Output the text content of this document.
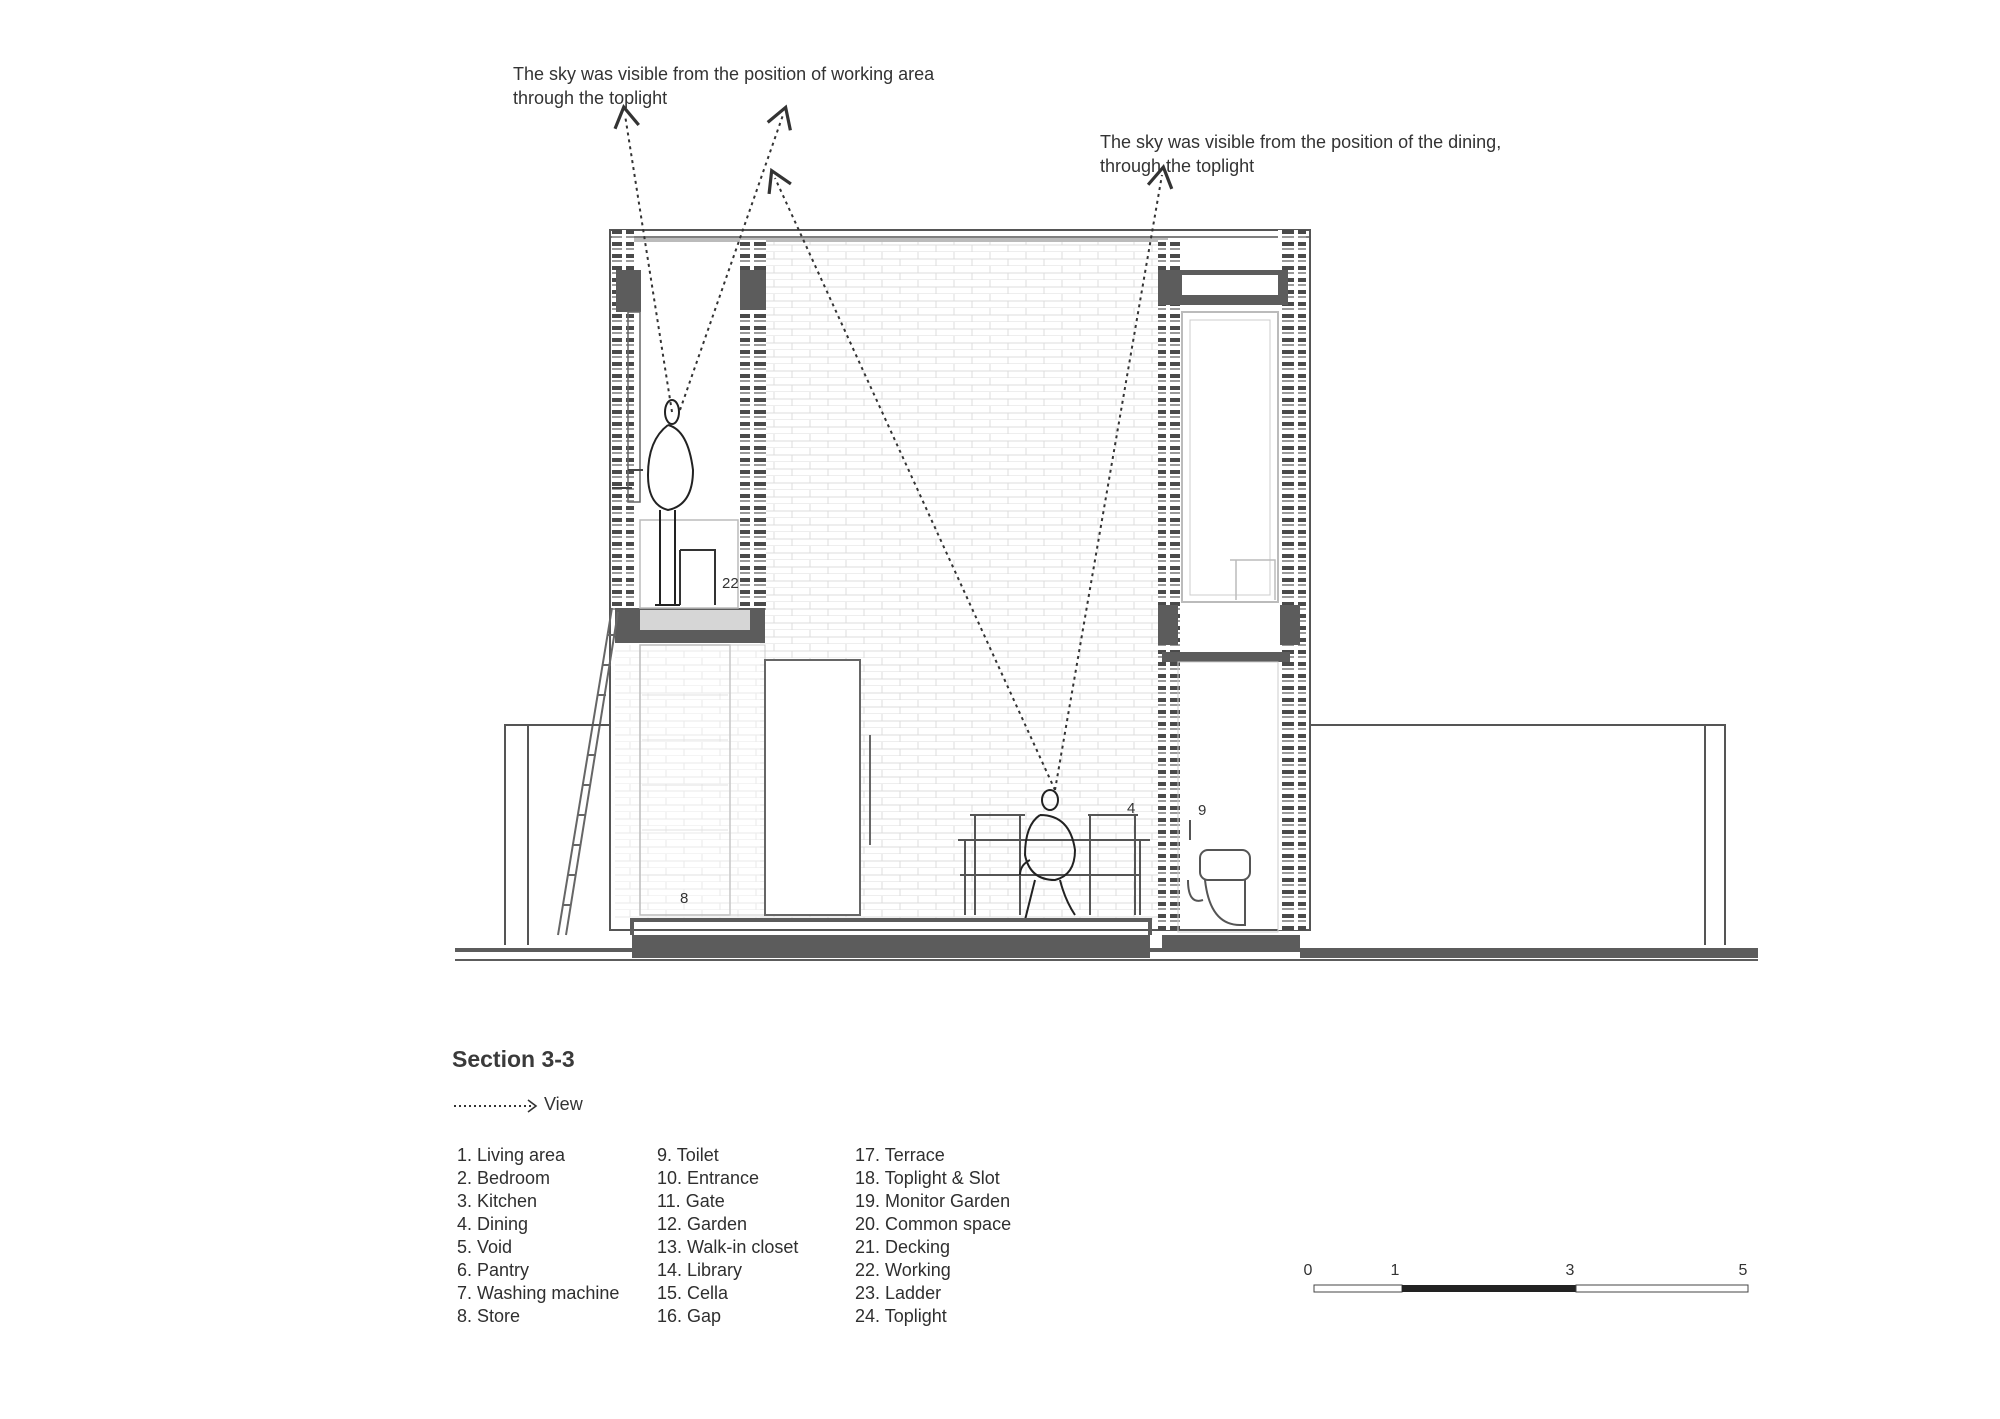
The sky was visible from the position of working area
through the toplight
The sky was visible from the position of the dining,
through the toplight
22
4	9
8
Section 3-3
View
1. Living area
2. Bedroom
3. Kitchen
4. Dining
5. Void
6. Pantry
7. Washing machine
8. Store
9. Toilet
10. Entrance
11. Gate
12. Garden
13. Walk-in closet
14. Library
15. Cella
16. Gap
17. Terrace
18. Toplight & Slot
19. Monitor Garden
20. Common space
21. Decking
22. Working
23. Ladder
24. Toplight
0	1	3	5
